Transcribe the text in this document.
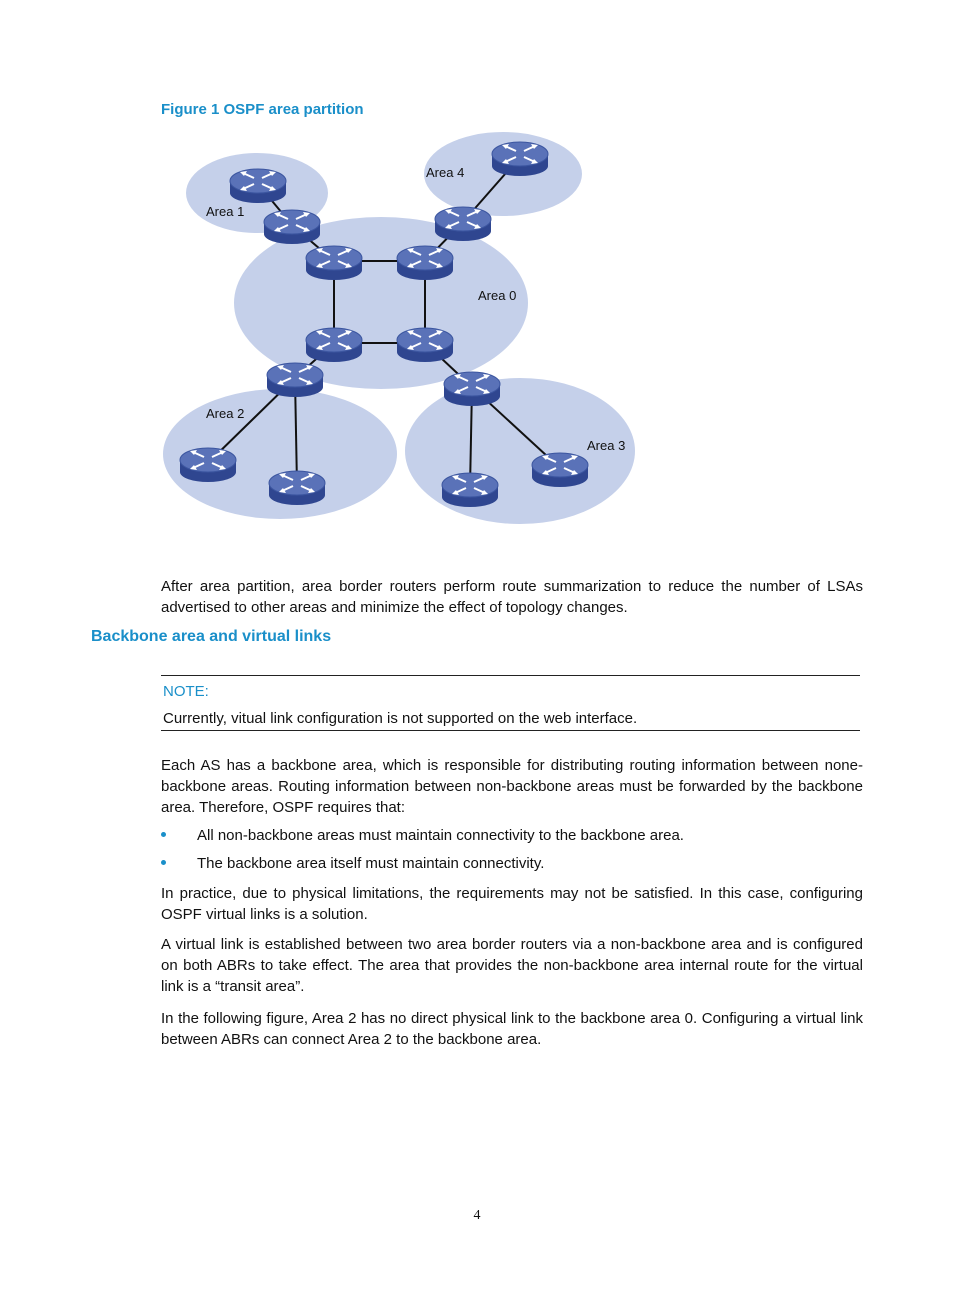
Figure 1 OSPF area partition
Area 1
Area 4
Area 0
Area 2
Area 3
After area partition, area border routers perform route summarization to reduce the number of LSAs advertised to other areas and minimize the effect of topology changes.
Backbone area and virtual links
NOTE:
Currently, vitual link configuration is not supported on the web interface.
Each AS has a backbone area, which is responsible for distributing routing information between none-backbone areas. Routing information between non-backbone areas must be forwarded by the backbone area. Therefore, OSPF requires that:
All non-backbone areas must maintain connectivity to the backbone area.
The backbone area itself must maintain connectivity.
In practice, due to physical limitations, the requirements may not be satisfied. In this case, configuring OSPF virtual links is a solution.
A virtual link is established between two area border routers via a non-backbone area and is configured on both ABRs to take effect. The area that provides the non-backbone area internal route for the virtual link is a “transit area”.
In the following figure, Area 2 has no direct physical link to the backbone area 0. Configuring a virtual link between ABRs can connect Area 2 to the backbone area.
4
